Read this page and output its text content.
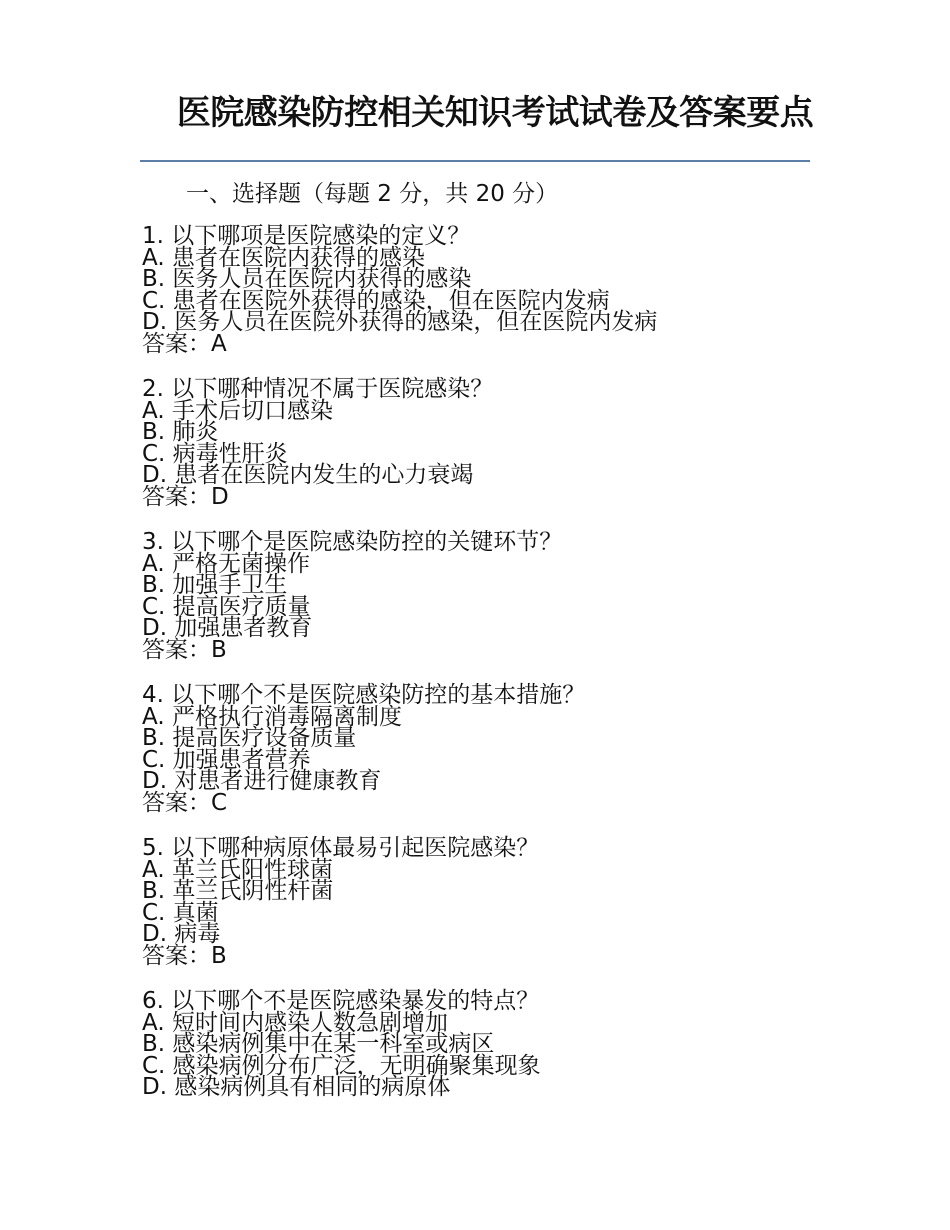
医院感染防控相关知识考试试卷及答案要点
一、选择题（每题 2 分，共 20 分）
1. 以下哪项是医院感染的定义？
A. 患者在医院内获得的感染
B. 医务人员在医院内获得的感染
C. 患者在医院外获得的感染，但在医院内发病
D. 医务人员在医院外获得的感染，但在医院内发病
答案：A
2. 以下哪种情况不属于医院感染？
A. 手术后切口感染
B. 肺炎
C. 病毒性肝炎
D. 患者在医院内发生的心力衰竭
答案：D
3. 以下哪个是医院感染防控的关键环节？
A. 严格无菌操作
B. 加强手卫生
C. 提高医疗质量
D. 加强患者教育
答案：B
4. 以下哪个不是医院感染防控的基本措施？
A. 严格执行消毒隔离制度
B. 提高医疗设备质量
C. 加强患者营养
D. 对患者进行健康教育
答案：C
5. 以下哪种病原体最易引起医院感染？
A. 革兰氏阳性球菌
B. 革兰氏阴性杆菌
C. 真菌
D. 病毒
答案：B
6. 以下哪个不是医院感染暴发的特点？
A. 短时间内感染人数急剧增加
B. 感染病例集中在某一科室或病区
C. 感染病例分布广泛，无明确聚集现象
D. 感染病例具有相同的病原体
